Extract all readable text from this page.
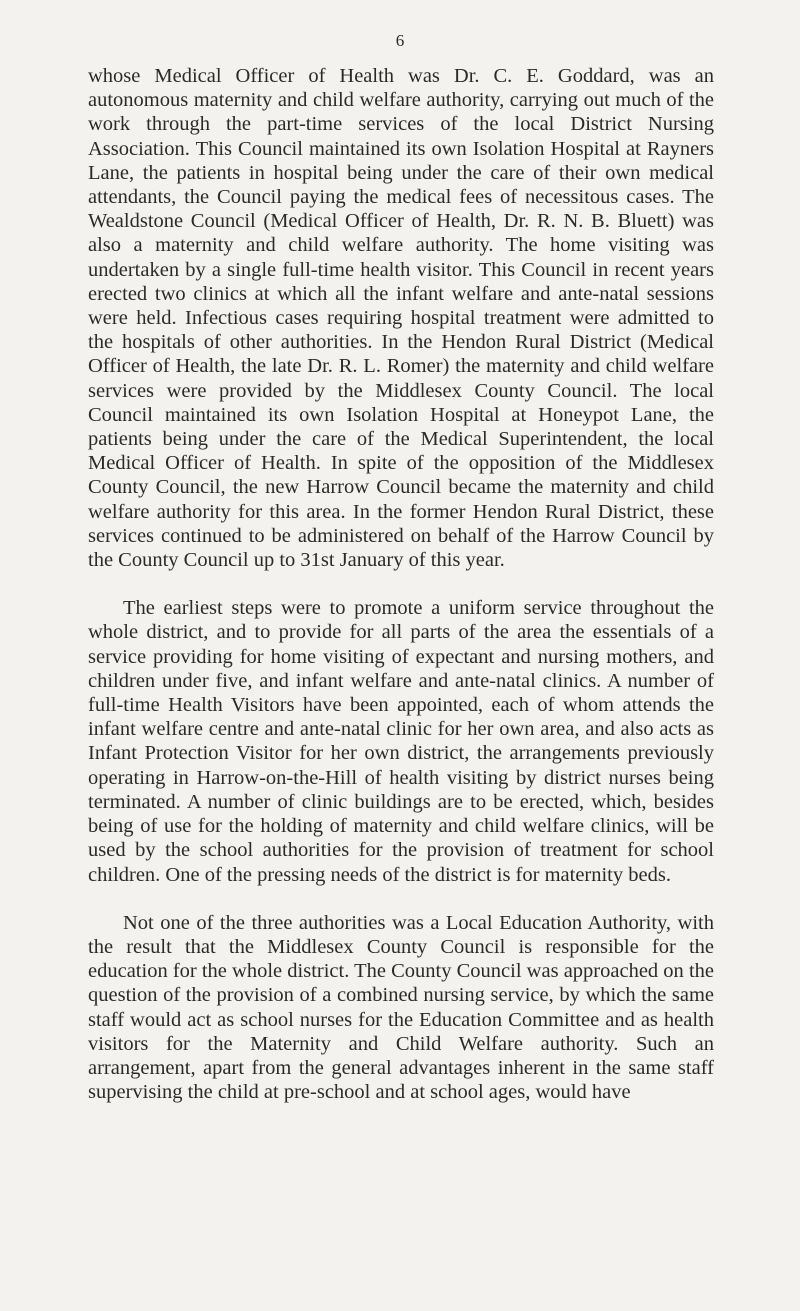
6

whose Medical Officer of Health was Dr. C. E. Goddard, was an autonomous maternity and child welfare authority, carrying out much of the work through the part-time services of the local District Nursing Association. This Council maintained its own Isolation Hospital at Rayners Lane, the patients in hospital being under the care of their own medical attendants, the Council paying the medical fees of necessitous cases. The Wealdstone Council (Medical Officer of Health, Dr. R. N. B. Bluett) was also a maternity and child welfare authority. The home visiting was undertaken by a single full-time health visitor. This Council in recent years erected two clinics at which all the infant welfare and ante-natal sessions were held. Infectious cases requiring hospital treatment were admitted to the hospitals of other authorities. In the Hendon Rural District (Medical Officer of Health, the late Dr. R. L. Romer) the maternity and child welfare services were provided by the Middlesex County Council. The local Council maintained its own Isolation Hospital at Honeypot Lane, the patients being under the care of the Medical Superintendent, the local Medical Officer of Health. In spite of the opposition of the Middlesex County Council, the new Harrow Council became the maternity and child welfare authority for this area. In the former Hendon Rural District, these services continued to be administered on behalf of the Harrow Council by the County Council up to 31st January of this year.

The earliest steps were to promote a uniform service throughout the whole district, and to provide for all parts of the area the essentials of a service providing for home visiting of expectant and nursing mothers, and children under five, and infant welfare and ante-natal clinics. A number of full-time Health Visitors have been appointed, each of whom attends the infant welfare centre and ante-natal clinic for her own area, and also acts as Infant Protection Visitor for her own district, the arrangements previously operating in Harrow-on-the-Hill of health visiting by district nurses being terminated. A number of clinic buildings are to be erected, which, besides being of use for the holding of maternity and child welfare clinics, will be used by the school authorities for the provision of treatment for school children. One of the pressing needs of the district is for maternity beds.

Not one of the three authorities was a Local Education Authority, with the result that the Middlesex County Council is responsible for the education for the whole district. The County Council was approached on the question of the provision of a combined nursing service, by which the same staff would act as school nurses for the Education Committee and as health visitors for the Maternity and Child Welfare authority. Such an arrangement, apart from the general advantages inherent in the same staff supervising the child at pre-school and at school ages, would have
